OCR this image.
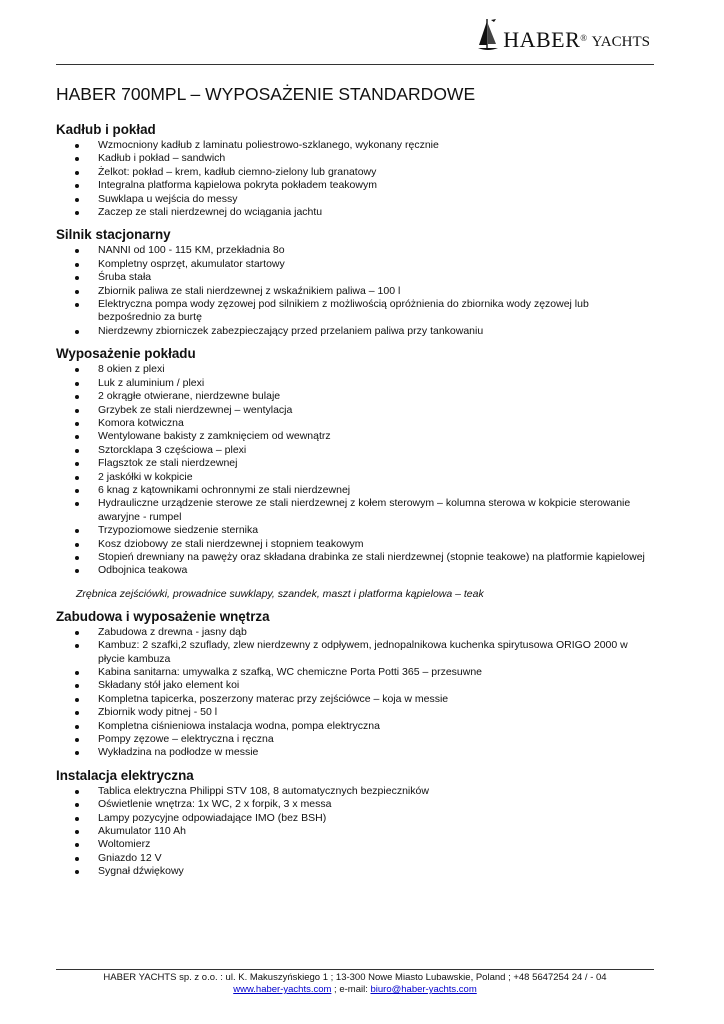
HABER® YACHTS
HABER 700MPL – WYPOSAŻENIE STANDARDOWE
Kadłub i pokład
Wzmocniony kadłub z laminatu poliestrowo-szklanego, wykonany ręcznie
Kadłub i pokład – sandwich
Żelkot: pokład – krem, kadłub ciemno-zielony lub granatowy
Integralna platforma kąpielowa pokryta pokładem teakowym
Suwklapa u wejścia do messy
Zaczep ze stali nierdzewnej do wciągania jachtu
Silnik stacjonarny
NANNI od 100 - 115 KM, przekładnia 8o
Kompletny osprzęt, akumulator startowy
Śruba stała
Zbiornik paliwa ze stali nierdzewnej z wskaźnikiem paliwa – 100 l
Elektryczna pompa wody zęzowej pod silnikiem z możliwością opróżnienia do zbiornika wody zęzowej lub bezpośrednio za burtę
Nierdzewny zbiorniczek zabezpieczający przed przelaniem paliwa przy tankowaniu
Wyposażenie pokładu
8 okien z plexi
Luk z aluminium / plexi
2 okrągłe otwierane, nierdzewne bulaje
Grzybek ze stali nierdzewnej – wentylacja
Komora kotwiczna
Wentylowane bakisty z zamknięciem od wewnątrz
Sztorcklapa 3 częściowa – plexi
Flagsztok ze stali nierdzewnej
2 jaskółki w kokpicie
6 knag z kątownikami ochronnymi ze stali nierdzewnej
Hydrauliczne urządzenie sterowe ze stali nierdzewnej z kołem sterowym – kolumna sterowa w kokpicie sterowanie awaryjne - rumpel
Trzypoziomowe siedzenie sternika
Kosz dziobowy ze stali nierdzewnej i stopniem teakowym
Stopień drewniany na pawęży oraz składana drabinka ze stali nierdzewnej (stopnie teakowe) na platformie kąpielowej
Odbojnica teakowa
Zrębnica zejściówki, prowadnice suwklapy, szandek, maszt i platforma kąpielowa – teak
Zabudowa i wyposażenie wnętrza
Zabudowa z drewna - jasny dąb
Kambuz: 2 szafki,2 szuflady, zlew nierdzewny z odpływem, jednopalnikowa kuchenka spirytusowa ORIGO 2000 w płycie kambuza
Kabina sanitarna: umywalka z szafką, WC chemiczne Porta Potti 365 – przesuwne
Składany stół jako element koi
Kompletna tapicerka, poszerzony materac przy zejściówce – koja w messie
Zbiornik wody pitnej - 50 l
Kompletna ciśnieniowa instalacja wodna, pompa elektryczna
Pompy zęzowe – elektryczna i ręczna
Wykładzina na podłodze w messie
Instalacja elektryczna
Tablica elektryczna Philippi STV 108, 8 automatycznych bezpieczników
Oświetlenie wnętrza: 1x WC, 2 x forpik, 3 x messa
Lampy pozycyjne odpowiadające IMO (bez BSH)
Akumulator 110 Ah
Woltomierz
Gniazdo 12 V
Sygnał dźwiękowy
HABER YACHTS sp. z o.o. : ul. K. Makuszyńskiego 1 ; 13-300 Nowe Miasto Lubawskie, Poland ; +48 5647254 24 / - 04
www.haber-yachts.com ; e-mail: biuro@haber-yachts.com
